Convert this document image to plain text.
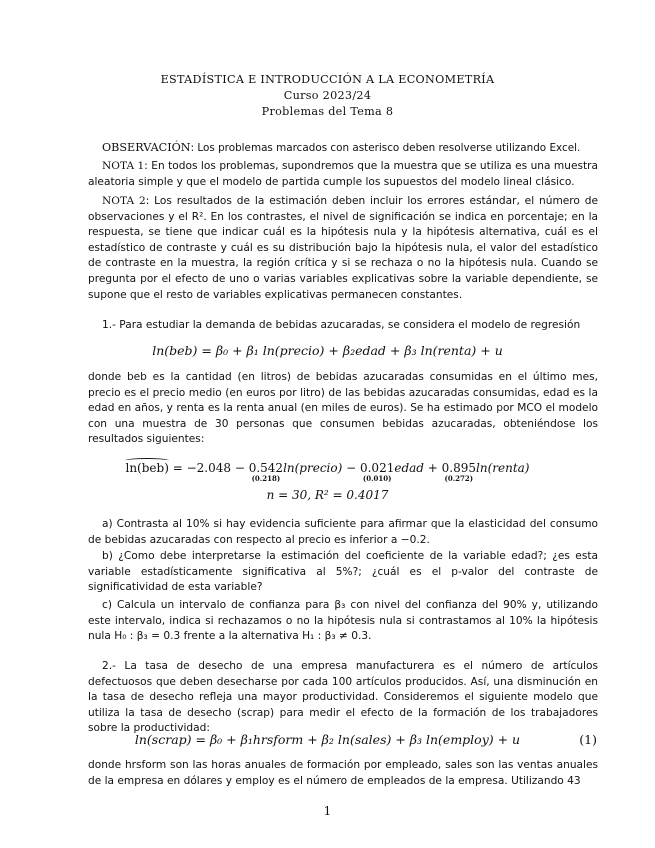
ESTADÍSTICA E INTRODUCCIÓN A LA ECONOMETRÍA
Curso 2023/24
Problemas del Tema 8
OBSERVACIÓN: Los problemas marcados con asterisco deben resolverse utilizando Excel.
NOTA 1: En todos los problemas, supondremos que la muestra que se utiliza es una muestra aleatoria simple y que el modelo de partida cumple los supuestos del modelo lineal clásico.
NOTA 2: Los resultados de la estimación deben incluir los errores estándar, el número de observaciones y el R². En los contrastes, el nivel de significación se indica en porcentaje; en la respuesta, se tiene que indicar cuál es la hipótesis nula y la hipótesis alternativa, cuál es el estadístico de contraste y cuál es su distribución bajo la hipótesis nula, el valor del estadístico de contraste en la muestra, la región crítica y si se rechaza o no la hipótesis nula. Cuando se pregunta por el efecto de uno o varias variables explicativas sobre la variable dependiente, se supone que el resto de variables explicativas permanecen constantes.
1.- Para estudiar la demanda de bebidas azucaradas, se considera el modelo de regresión
ln(beb) = β₀ + β₁ ln(precio) + β₂edad + β₃ ln(renta) + u
donde beb es la cantidad (en litros) de bebidas azucaradas consumidas en el último mes, precio es el precio medio (en euros por litro) de las bebidas azucaradas consumidas, edad es la edad en años, y renta es la renta anual (en miles de euros). Se ha estimado por MCO el modelo con una muestra de 30 personas que consumen bebidas azucaradas, obteniéndose los resultados siguientes:
ln(beb) = −2.048 − 0.542
(0.218)
ln(precio) − 0.021
(0.010)
edad + 0.895
(0.272)
ln(renta)
n = 30, R² = 0.4017
a) Contrasta al 10% si hay evidencia suficiente para afirmar que la elasticidad del consumo de bebidas azucaradas con respecto al precio es inferior a −0.2.
b) ¿Como debe interpretarse la estimación del coeficiente de la variable edad?; ¿es esta variable estadísticamente significativa al 5%?; ¿cuál es el p-valor del contraste de significatividad de esta variable?
c) Calcula un intervalo de confianza para β₃ con nivel del confianza del 90% y, utilizando este intervalo, indica si rechazamos o no la hipótesis nula si contrastamos al 10% la hipótesis nula H₀ : β₃ = 0.3 frente a la alternativa H₁ : β₃ ≠ 0.3.
2.- La tasa de desecho de una empresa manufacturera es el número de artículos defectuosos que deben desecharse por cada 100 artículos producidos. Así, una disminución en la tasa de desecho refleja una mayor productividad. Consideremos el siguiente modelo que utiliza la tasa de desecho (scrap) para medir el efecto de la formación de los trabajadores sobre la productividad:
ln(scrap) = β₀ + β₁hrsform + β₂ ln(sales) + β₃ ln(employ) + u	(1)
donde hrsform son las horas anuales de formación por empleado, sales son las ventas anuales de la empresa en dólares y employ es el número de empleados de la empresa. Utilizando 43
1
